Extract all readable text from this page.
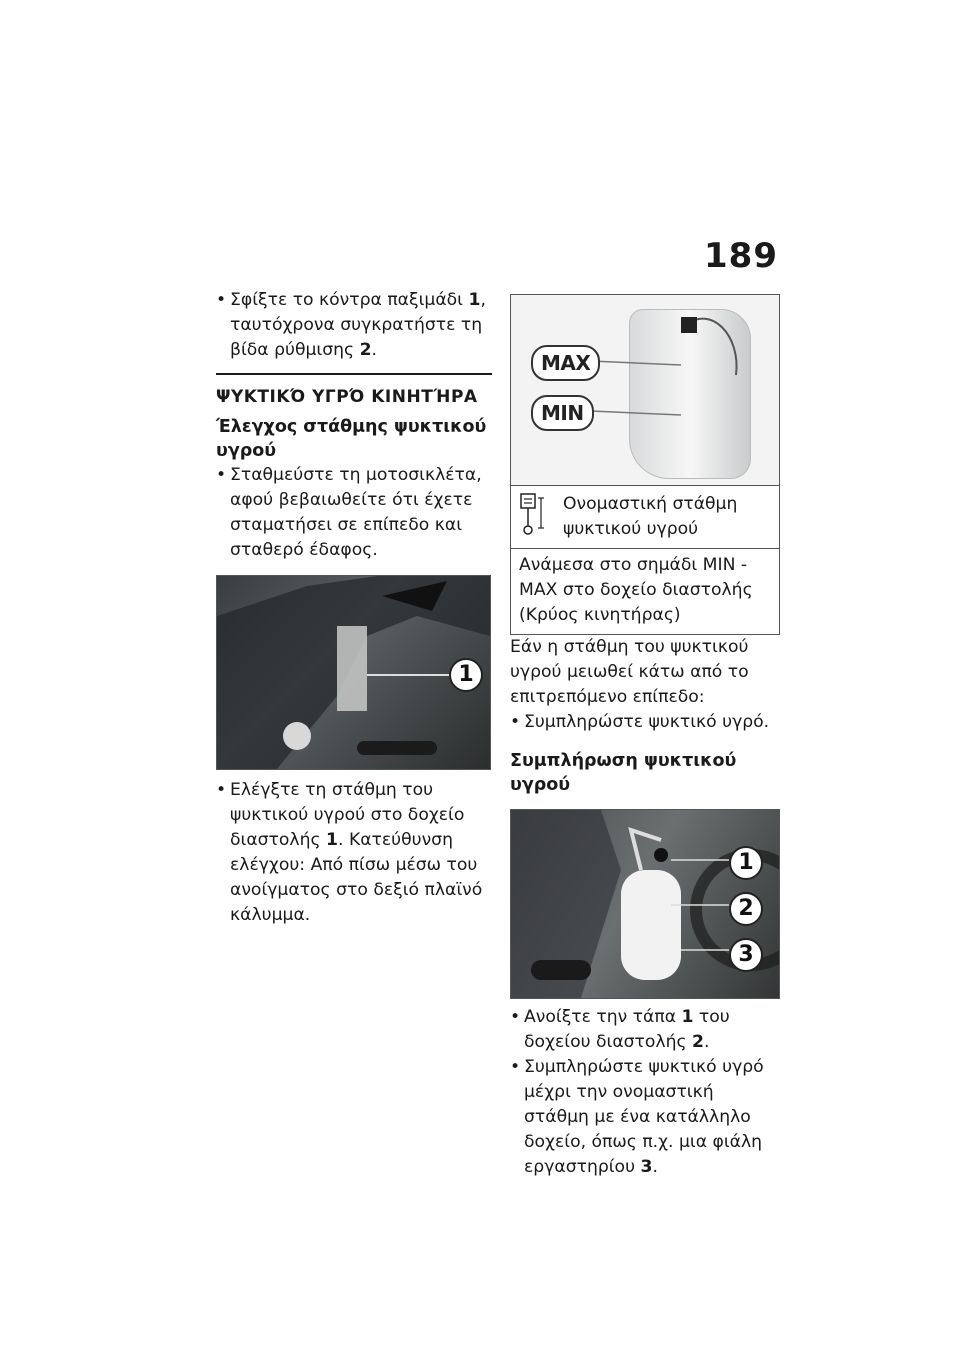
189

• Σφίξτε το κόντρα παξιμάδι 1, ταυτόχρονα συγκρατήστε τη βίδα ρύθμισης 2.

ΨΥΚΤΙΚΌ ΥΓΡΌ ΚΙΝΗΤΉΡΑ
Έλεγχος στάθμης ψυκτικού υγρού

• Σταθμεύστε τη μοτοσικλέτα, αφού βεβαιωθείτε ότι έχετε σταματήσει σε επίπεδο και σταθερό έδαφος.

1

• Ελέγξτε τη στάθμη του ψυκτικού υγρού στο δοχείο διαστολής 1. Κατεύθυνση ελέγχου: Από πίσω μέσω του ανοίγματος στο δεξιό πλαϊνό κάλυμμα.

MAX
MIN
Ονομαστική στάθμη ψυκτικού υγρού
Ανάμεσα στο σημάδι MIN - MAX στο δοχείο διαστολής (Κρύος κινητήρας)

Εάν η στάθμη του ψυκτικού υγρού μειωθεί κάτω από το επιτρεπόμενο επίπεδο:

• Συμπληρώστε ψυκτικό υγρό.

Συμπλήρωση ψυκτικού υγρού
1
2
3

• Ανοίξτε την τάπα 1 του δοχείου διαστολής 2.

• Συμπληρώστε ψυκτικό υγρό μέχρι την ονομαστική στάθμη με ένα κατάλληλο δοχείο, όπως π.χ. μια φιάλη εργαστηρίου 3.
